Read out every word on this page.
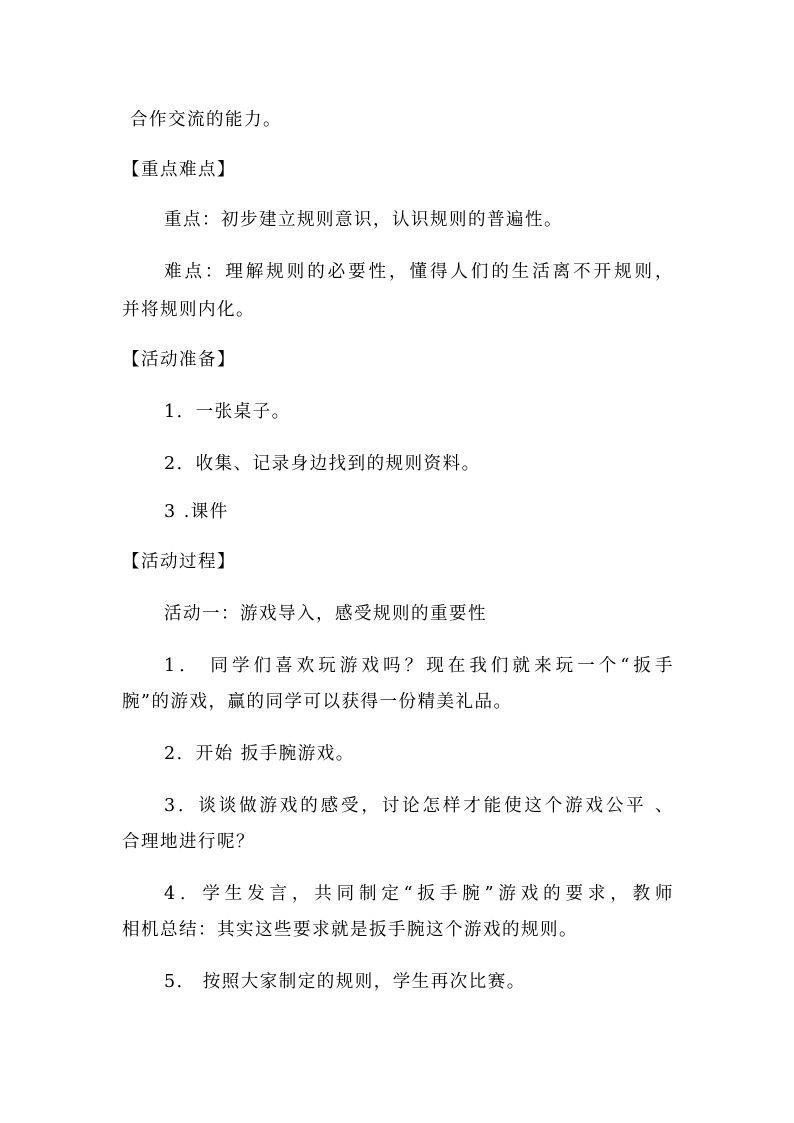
合作交流的能力。
【重点难点】
重点：初步建立规则意识，认识规则的普遍性。
难点：理解规则的必要性，懂得人们的生活离不开规则，
并将规则内化。
【活动准备】
1．一张桌子。
2．收集、记录身边找到的规则资料。
3 .课件
【活动过程】
活动一：游戏导入，感受规则的重要性
1． 同学们喜欢玩游戏吗？现在我们就来玩一个“扳手
腕”的游戏，赢的同学可以获得一份精美礼品。
2．开始 扳手腕游戏。
3．谈谈做游戏的感受，讨论怎样才能使这个游戏公平 、
合理地进行呢？
4．学生发言，共同制定“扳手腕”游戏的要求，教师
相机总结：其实这些要求就是扳手腕这个游戏的规则。
5． 按照大家制定的规则，学生再次比赛。
